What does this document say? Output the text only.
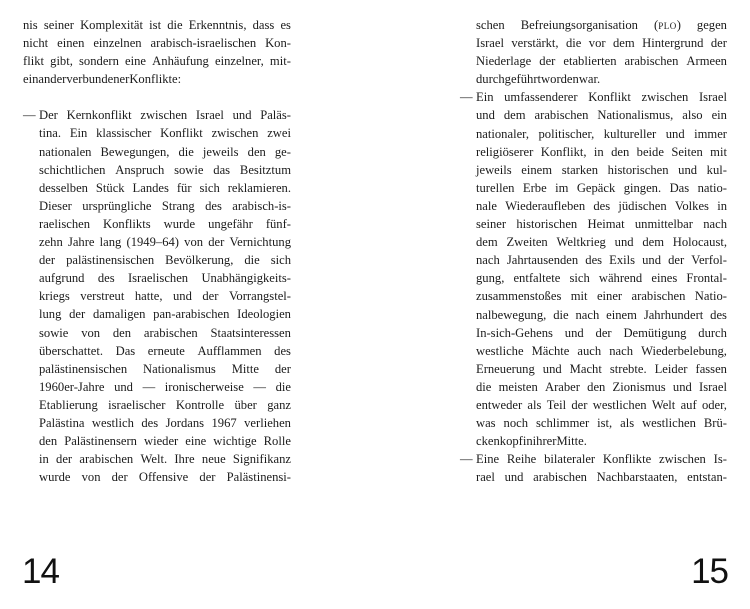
nis seiner Komplexität ist die Erkenntnis, dass es
nicht einen einzelnen arabisch-israelischen Kon-
flikt gibt, sondern eine Anhäufung einzelner, mit-
einander verbundener Konflikte:
— Der Kernkonflikt zwischen Israel und Paläs-
tina. Ein klassischer Konflikt zwischen zwei
nationalen Bewegungen, die jeweils den ge-
schichtlichen Anspruch sowie das Besitztum
desselben Stück Landes für sich reklamieren.
Dieser ursprüngliche Strang des arabisch-is-
raelischen Konflikts wurde ungefähr fünf-
zehn Jahre lang (1949–64) von der Vernichtung
der palästinensischen Bevölkerung, die sich
aufgrund des Israelischen Unabhängigkeits-
kriegs verstreut hatte, und der Vorrangstel-
lung der damaligen pan-arabischen Ideologien
sowie von den arabischen Staatsinteressen
überschattet. Das erneute Aufflammen des
palästinensischen Nationalismus Mitte der
1960er-Jahre und — ironischerweise — die
Etablierung israelischer Kontrolle über ganz
Palästina westlich des Jordans 1967 verliehen
den Palästinensern wieder eine wichtige Rolle
in der arabischen Welt. Ihre neue Signifikanz
wurde von der Offensive der Palästinensi-
14
schen Befreiungsorganisation (plo) gegen
Israel verstärkt, die vor dem Hintergrund der
Niederlage der etablierten arabischen Armeen
durchgeführt worden war.
— Ein umfassenderer Konflikt zwischen Israel
und dem arabischen Nationalismus, also ein
nationaler, politischer, kultureller und immer
religiöserer Konflikt, in den beide Seiten mit
jeweils einem starken historischen und kul-
turellen Erbe im Gepäck gingen. Das natio-
nale Wiederaufleben des jüdischen Volkes in
seiner historischen Heimat unmittelbar nach
dem Zweiten Weltkrieg und dem Holocaust,
nach Jahrtausenden des Exils und der Verfol-
gung, entfaltete sich während eines Frontal-
zusammenstoßes mit einer arabischen Natio-
nalbewegung, die nach einem Jahrhundert des
In-sich-Gehens und der Demütigung durch
westliche Mächte auch nach Wiederbelebung,
Erneuerung und Macht strebte. Leider fassen
die meisten Araber den Zionismus und Israel
entweder als Teil der westlichen Welt auf oder,
was noch schlimmer ist, als westlichen Brü-
ckenkopf in ihrer Mitte.
— Eine Reihe bilateraler Konflikte zwischen Is-
rael und arabischen Nachbarstaaten, entstan-
15
